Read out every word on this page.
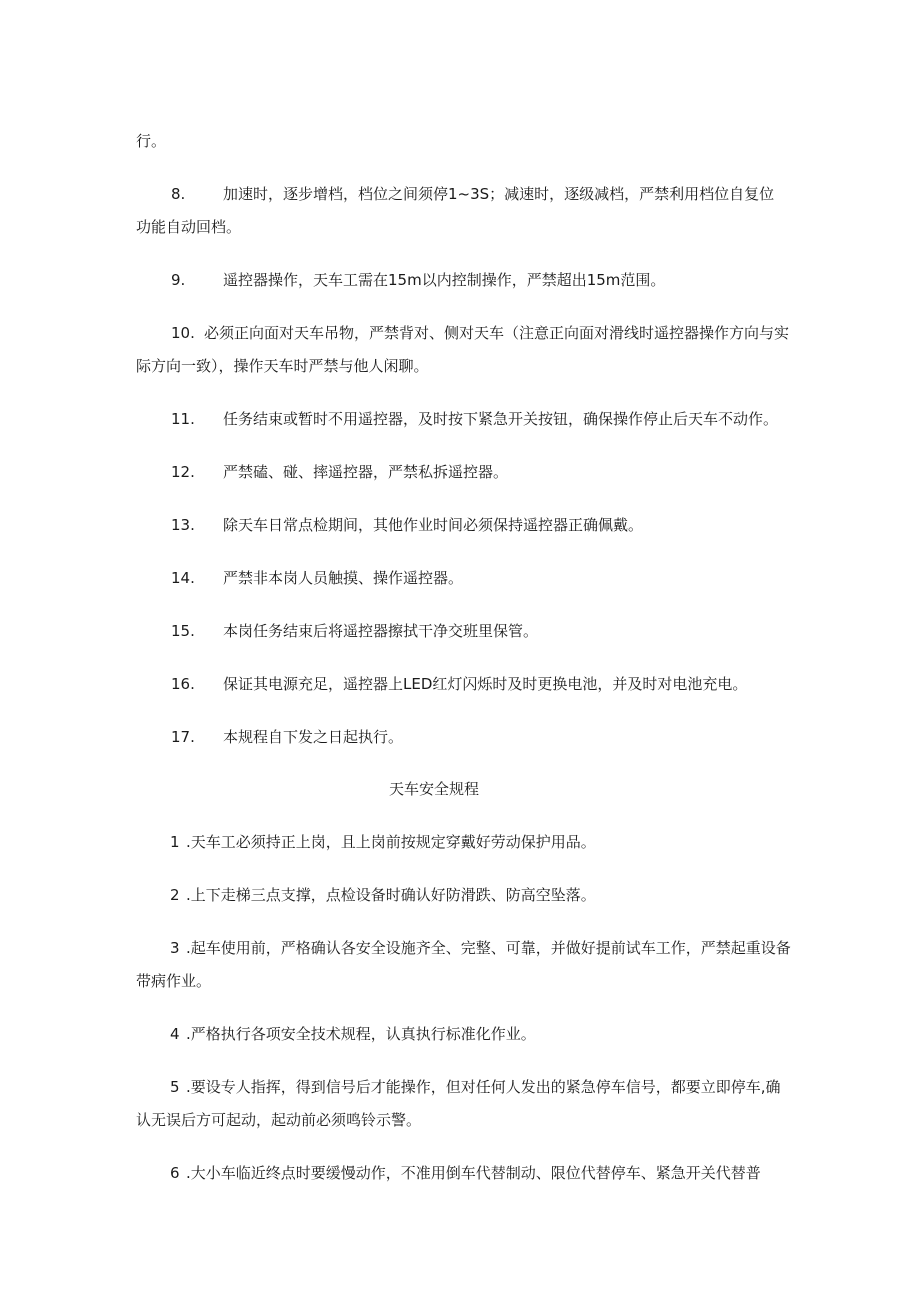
行。
8.	加速时，逐步增档，档位之间须停1~3S；减速时，逐级减档，严禁利用档位自复位
功能自动回档。
9.	遥控器操作，天车工需在15m以内控制操作，严禁超出15m范围。
10. 必须正向面对天车吊物，严禁背对、侧对天车（注意正向面对滑线时遥控器操作方向与实
际方向一致），操作天车时严禁与他人闲聊。
11. 任务结束或暂时不用遥控器，及时按下紧急开关按钮，确保操作停止后天车不动作。
12. 严禁磕、碰、摔遥控器，严禁私拆遥控器。
13. 除天车日常点检期间，其他作业时间必须保持遥控器正确佩戴。
14. 严禁非本岗人员触摸、操作遥控器。
15. 本岗任务结束后将遥控器擦拭干净交班里保管。
16. 保证其电源充足，遥控器上LED红灯闪烁时及时更换电池，并及时对电池充电。
17. 本规程自下发之日起执行。
天车安全规程
1 .天车工必须持正上岗，且上岗前按规定穿戴好劳动保护用品。
2 .上下走梯三点支撑，点检设备时确认好防滑跌、防高空坠落。
3 .起车使用前，严格确认各安全设施齐全、完整、可靠，并做好提前试车工作，严禁起重设备
带病作业。
4 .严格执行各项安全技术规程，认真执行标准化作业。
5 .要设专人指挥，得到信号后才能操作，但对任何人发出的紧急停车信号，都要立即停车,确
认无误后方可起动，起动前必须鸣铃示警。
6 .大小车临近终点时要缓慢动作，不准用倒车代替制动、限位代替停车、紧急开关代替普
